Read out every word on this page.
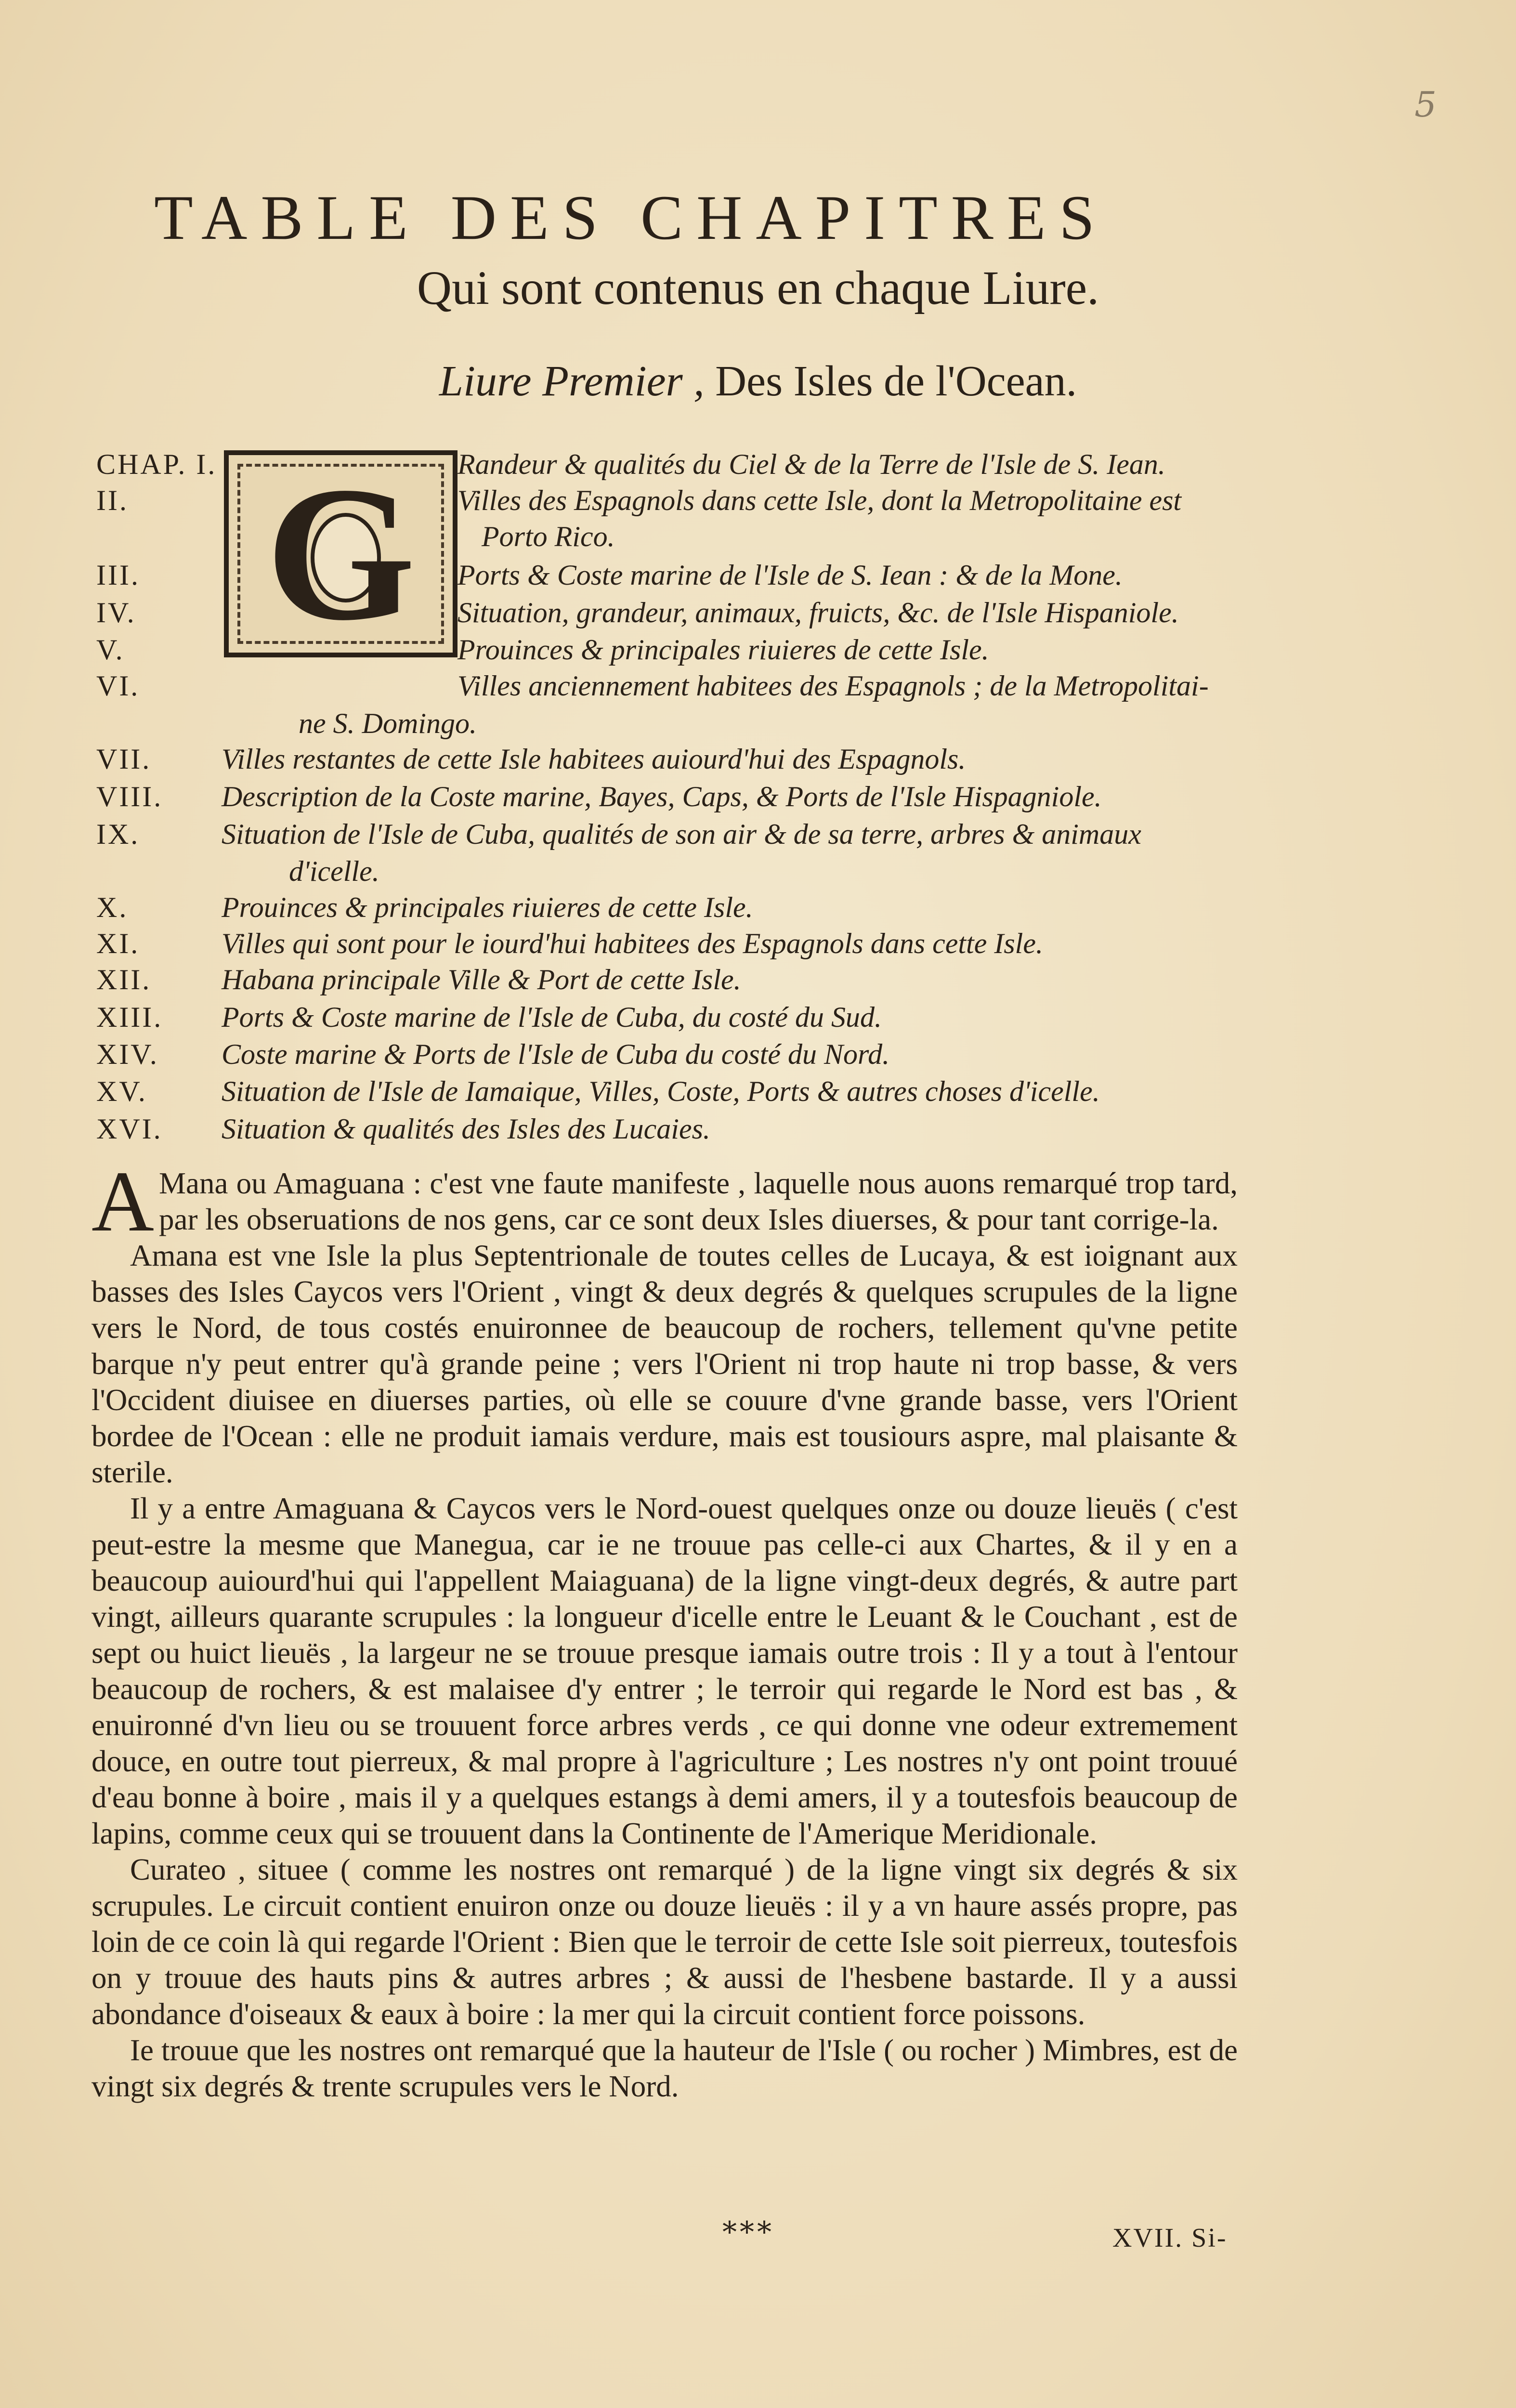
5
TABLE DES CHAPITRES
Qui sont contenus en chaque Liure.
Liure Premier , Des Isles de l'Ocean.
G
CHAP. I.	Randeur & qualités du Ciel & de la Terre de l'Isle de S. Iean.
II.	Villes des Espagnols dans cette Isle, dont la Metropolitaine est
Porto Rico.
III.	Ports & Coste marine de l'Isle de S. Iean : & de la Mone.
IV.	Situation, grandeur, animaux, fruicts, &c. de l'Isle Hispaniole.
V.	Prouinces & principales riuieres de cette Isle.
VI.	Villes anciennement habitees des Espagnols ; de la Metropolitai-
ne S. Domingo.
VII.	Villes restantes de cette Isle habitees auiourd'hui des Espagnols.
VIII.	Description de la Coste marine, Bayes, Caps, & Ports de l'Isle Hispagniole.
IX.	Situation de l'Isle de Cuba, qualités de son air & de sa terre, arbres & animaux
d'icelle.
X.	Prouinces & principales riuieres de cette Isle.
XI.	Villes qui sont pour le iourd'hui habitees des Espagnols dans cette Isle.
XII.	Habana principale Ville & Port de cette Isle.
XIII.	Ports & Coste marine de l'Isle de Cuba, du costé du Sud.
XIV.	Coste marine & Ports de l'Isle de Cuba du costé du Nord.
XV.	Situation de l'Isle de Iamaique, Villes, Coste, Ports & autres choses d'icelle.
XVI.	Situation & qualités des Isles des Lucaies.

A Mana ou Amaguana : c'est vne faute manifeste , laquelle nous auons remarqué trop tard, par les obseruations de nos gens, car ce sont deux Isles diuerses, & pour tant corrige-la.

Amana est vne Isle la plus Septentrionale de toutes celles de Lucaya, & est ioignant aux basses des Isles Caycos vers l'Orient , vingt & deux degrés & quelques scrupules de la ligne vers le Nord, de tous costés enuironnee de beaucoup de rochers, tellement qu'vne petite barque n'y peut entrer qu'à grande peine ; vers l'Orient ni trop haute ni trop basse, & vers l'Occident diuisee en diuerses parties, où elle se couure d'vne grande basse, vers l'Orient bordee de l'Ocean : elle ne produit iamais verdure, mais est tousiours aspre, mal plaisante & sterile.

Il y a entre Amaguana & Caycos vers le Nord-ouest quelques onze ou douze lieuës ( c'est peut-estre la mesme que Manegua, car ie ne trouue pas celle-ci aux Chartes, & il y en a beaucoup auiourd'hui qui l'appellent Maiaguana) de la ligne vingt-deux degrés, & autre part vingt, ailleurs quarante scrupules : la longueur d'icelle entre le Leuant & le Couchant , est de sept ou huict lieuës , la largeur ne se trouue presque iamais outre trois : Il y a tout à l'entour beaucoup de rochers, & est malaisee d'y entrer ; le terroir qui regarde le Nord est bas , & enuironné d'vn lieu ou se trouuent force arbres verds , ce qui donne vne odeur extremement douce, en outre tout pierreux, & mal propre à l'agriculture ; Les nostres n'y ont point trouué d'eau bonne à boire , mais il y a quelques estangs à demi amers, il y a toutesfois beaucoup de lapins, comme ceux qui se trouuent dans la Continente de l'Amerique Meridionale.

Curateo , situee ( comme les nostres ont remarqué ) de la ligne vingt six degrés & six scrupules. Le circuit contient enuiron onze ou douze lieuës : il y a vn haure assés propre, pas loin de ce coin là qui regarde l'Orient : Bien que le terroir de cette Isle soit pierreux, toutesfois on y trouue des hauts pins & autres arbres ; & aussi de l'hesbene bastarde. Il y a aussi abondance d'oiseaux & eaux à boire : la mer qui la circuit contient force poissons.

Ie trouue que les nostres ont remarqué que la hauteur de l'Isle ( ou rocher ) Mimbres, est de vingt six degrés & trente scrupules vers le Nord.

***	XVII. Si-
